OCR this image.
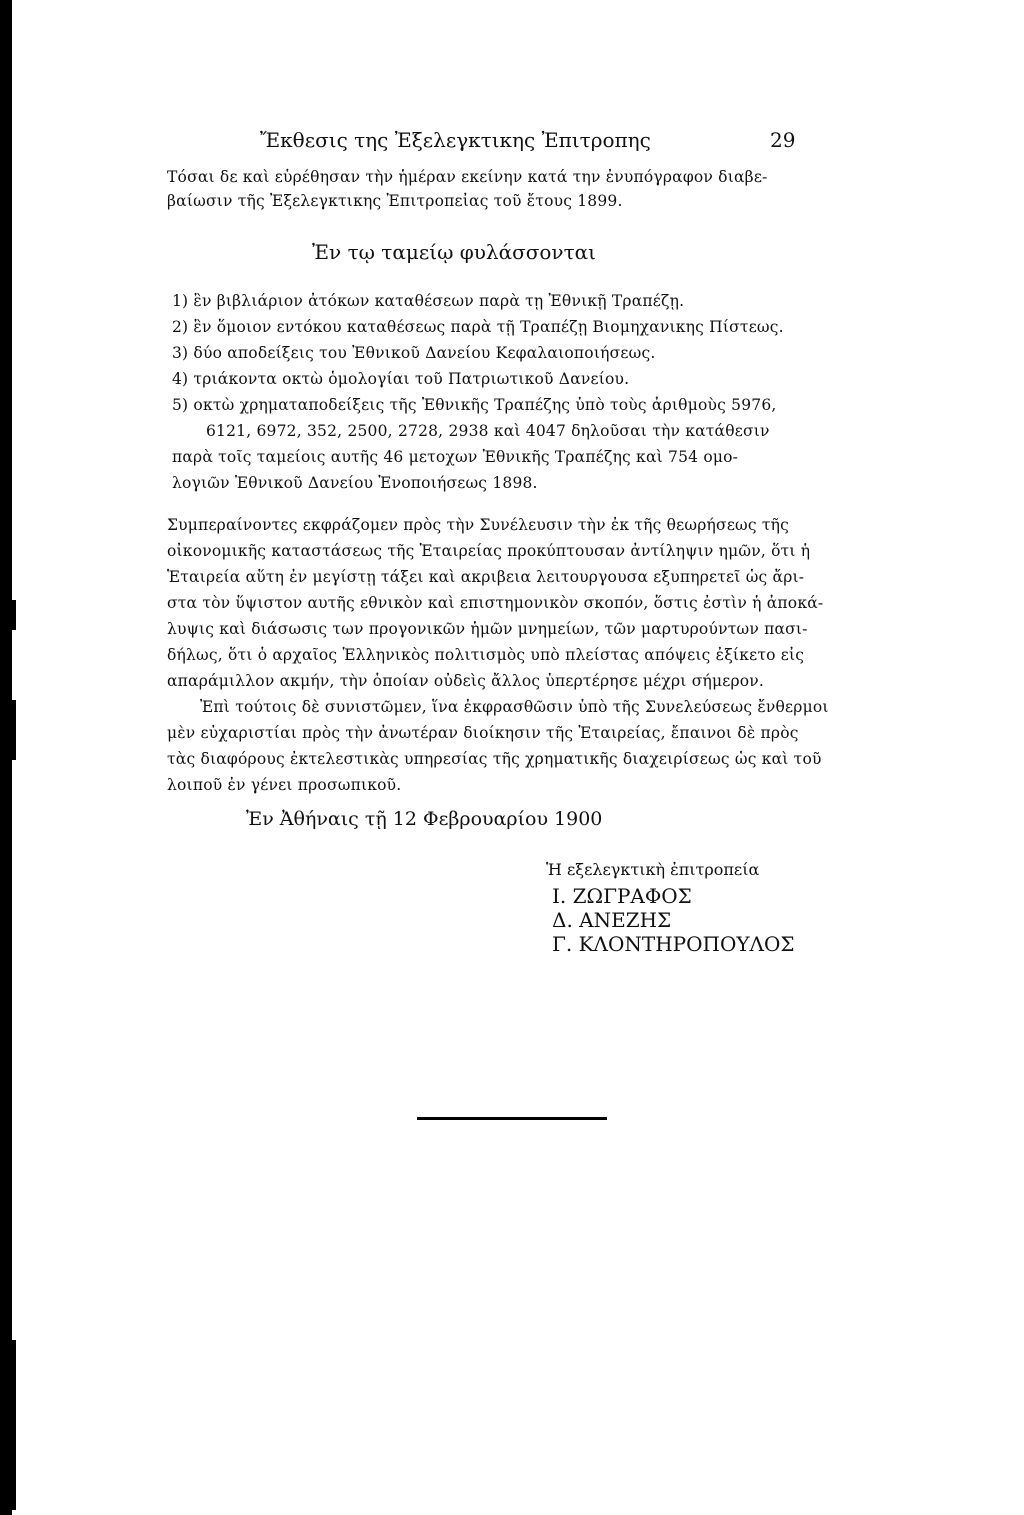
Ἔκθεσις της Ἐξελεγκτικης Ἐπιτροπης	29
Τόσαι δε καὶ εὑρέθησαν τὴν ἡμέραν εκείνην κατά την ἐνυπόγραφον διαβε-
βαίωσιν τῆς Ἐξελεγκτικης Ἐπιτροπεἰας τοῦ ἔτους 1899.
Ἐν τῳ ταμείῳ φυλάσσονται
1) ἓν βιβλιάριον ἀτόκων καταθέσεων παρὰ τῃ Ἐθνικῇ Τραπέζῃ.
2) ἓν ὅμοιον εντόκου καταθέσεως παρὰ τῇ Τραπέζῃ Βιομηχανικης Πίστεως.
3) δύο αποδείξεις του Ἐθνικοῦ Δανείου Κεφαλαιοποιήσεως.
4) τριάκοντα οκτὼ ὁμολογίαι τοῦ Πατριωτικοῦ Δανείου.
5) οκτὼ χρηματαποδείξεις τῆς Ἐθνικῆς Τραπέζης ὑπὸ τοὺς ἀριθμοὺς 5976,
6121, 6972, 352, 2500, 2728, 2938 καὶ 4047 δηλοῦσαι τὴν κατάθεσιν
παρὰ τοῖς ταμείοις αυτῆς 46 μετοχων Ἐθνικῆς Τραπέζης καὶ 754 ομο-
λογιῶν Ἐθνικοῦ Δανείου Ἑνοποιήσεως 1898.
Συμπεραίνοντες εκφράζομεν πρὸς τὴν Συνέλευσιν τὴν ἐκ τῆς θεωρήσεως τῆς
οἰκονομικῆς καταστάσεως τῆς Ἑταιρείας προκύπτουσαν ἀντίληψιν ημῶν, ὅτι ἡ
Ἑταιρεία αὕτη ἐν μεγίστῃ τάξει καὶ ακριβεια λειτουργουσα εξυπηρετεῖ ὡς ἄρι-
στα τὸν ὕψιστον αυτῆς εθνικὸν καὶ επιστημονικὸν σκοπόν, ὅστις ἐστὶν ἡ ἀποκά-
λυψις καὶ διάσωσις των προγονικῶν ἡμῶν μνημείων, τῶν μαρτυρούντων πασι-
δήλως, ὅτι ὁ αρχαῖος Ἑλληνικὸς πολιτισμὸς υπὸ πλείστας απόψεις ἐξίκετο εἰς
απαράμιλλον ακμήν, τὴν ὁποίαν οὐδεὶς ἄλλος ὑπερτέρησε μέχρι σήμερον.
Ἐπὶ τούτοις δὲ συνιστῶμεν, ἵνα ἐκφρασθῶσιν ὑπὸ τῆς Συνελεύσεως ἔνθερμοι
μὲν εὐχαριστίαι πρὸς τὴν ἀνωτέραν διοίκησιν τῆς Ἑταιρείας, ἔπαινοι δὲ πρὸς
τὰς διαφόρους ἐκτελεστικὰς υπηρεσίας τῆς χρηματικῆς διαχειρίσεως ὡς καὶ τοῦ
λοιποῦ ἐν γένει προσωπικοῦ.
Ἐν Ἀθήναις τῇ 12 Φεβρουαρίου 1900
Ἡ εξελεγκτικὴ ἐπιτροπεία
Ι. ΖΩΓΡΑΦΟΣ
Δ. ΑΝΕΖΗΣ
Γ. ΚΛΟΝΤΗΡΟΠΟΥΛΟΣ
